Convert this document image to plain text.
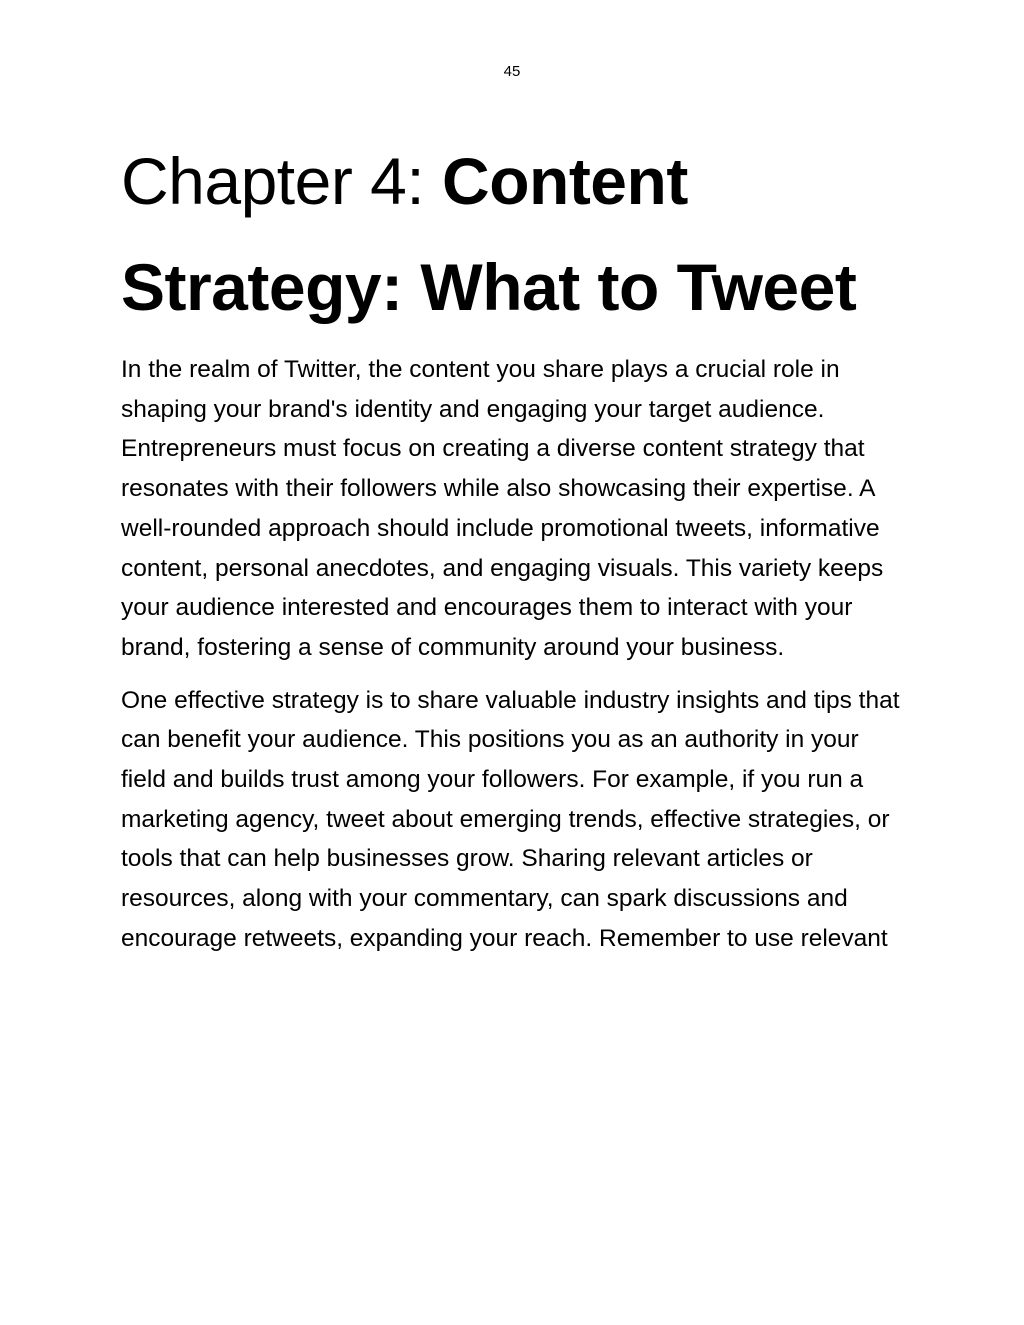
45
Chapter 4: Content Strategy: What to Tweet

In the realm of Twitter, the content you share plays a crucial role in shaping your brand's identity and engaging your target audience. Entrepreneurs must focus on creating a diverse content strategy that resonates with their followers while also showcasing their expertise. A well-rounded approach should include promotional tweets, informative content, personal anecdotes, and engaging visuals. This variety keeps your audience interested and encourages them to interact with your brand, fostering a sense of community around your business.

One effective strategy is to share valuable industry insights and tips that can benefit your audience. This positions you as an authority in your field and builds trust among your followers. For example, if you run a marketing agency, tweet about emerging trends, effective strategies, or tools that can help businesses grow. Sharing relevant articles or resources, along with your commentary, can spark discussions and encourage retweets, expanding your reach. Remember to use relevant
